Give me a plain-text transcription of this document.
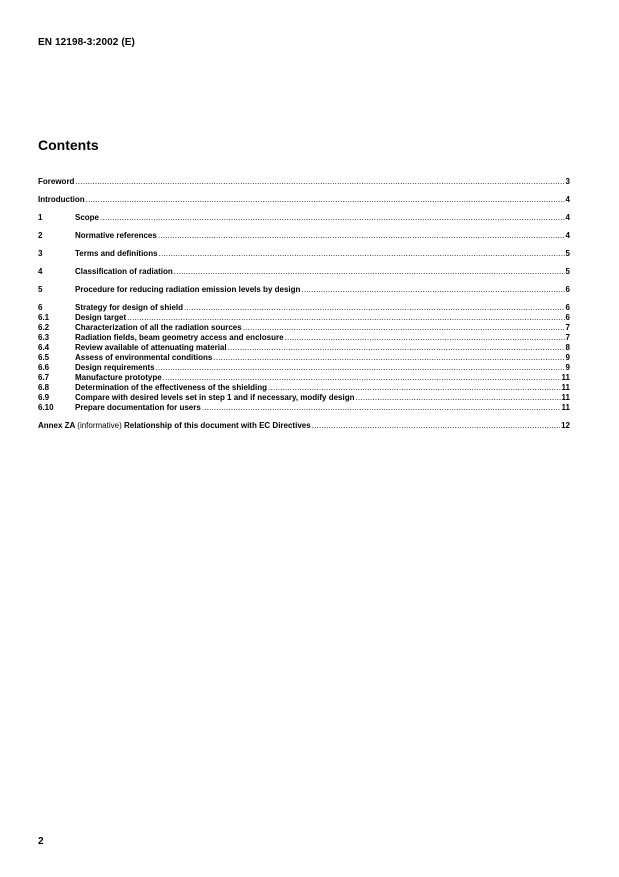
EN 12198-3:2002 (E)
Contents
Foreword .....	3
Introduction .....	4
1	Scope .....	4
2	Normative references .....	4
3	Terms and definitions .....	5
4	Classification of radiation .....	5
5	Procedure for reducing radiation emission levels by design .....	6
6	Strategy for design of shield .....	6
6.1	Design target .....	6
6.2	Characterization of all the radiation sources .....	7
6.3	Radiation fields, beam geometry access and enclosure .....	7
6.4	Review available of attenuating material .....	8
6.5	Assess of environmental conditions .....	9
6.6	Design requirements .....	9
6.7	Manufacture prototype .....	11
6.8	Determination of the effectiveness of the shielding .....	11
6.9	Compare with desired levels set in step 1 and if necessary, modify design .....	11
6.10	Prepare documentation for users .....	11
Annex ZA (informative) Relationship of this document with EC Directives .....	12
2
